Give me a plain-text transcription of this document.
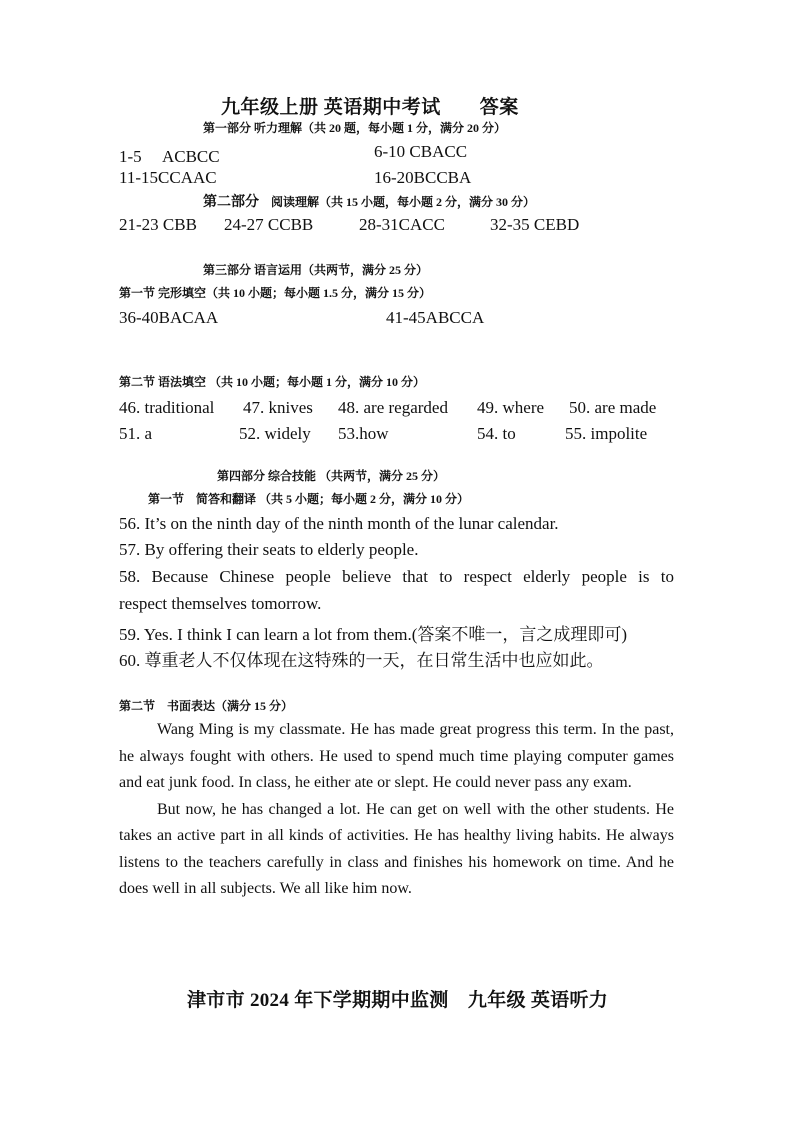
九年级上册 英语期中考试　　答案
第一部分 听力理解（共 20 题，每小题 1 分，满分 20 分）
1-5　 ACBCC	6-10 CBACC
11-15CCAAC	16-20BCCBA
第二部分 阅读理解（共 15 小题，每小题 2 分，满分 30 分）
21-23 CBB 24-27 CCBB	28-31CACC	32-35 CEBD
第三部分 语言运用（共两节，满分 25 分）
第一节 完形填空（共 10 小题；每小题 1.5 分，满分 15 分）
36-40BACAA	41-45ABCCA
第二节 语法填空 （共 10 小题；每小题 1 分，满分 10 分）
46. traditional 47. knives 48. are regarded 49. where 50. are made
51. a	52. widely 53.how	54. to	55. impolite
第四部分 综合技能 （共两节，满分 25 分）
第一节　简答和翻译 （共 5 小题；每小题 2 分，满分 10 分）
56. It’s on the ninth day of the ninth month of the lunar calendar.
57. By offering their seats to elderly people.
58. Because Chinese people believe that to respect elderly people is to
respect themselves tomorrow.
59. Yes. I think I can learn a lot from them.(答案不唯一，言之成理即可)
60. 尊重老人不仅体现在这特殊的一天，在日常生活中也应如此。
第二节　书面表达（满分 15 分）

Wang Ming is my classmate. He has made great progress this term. In the past, he always fought with others. He used to spend much time playing computer games and eat junk food. In class, he either ate or slept. He could never pass any exam.

But now, he has changed a lot. He can get on well with the other students. He takes an active part in all kinds of activities. He has healthy living habits. He always listens to the teachers carefully in class and finishes his homework on time. And he does well in all subjects. We all like him now.

津市市 2024 年下学期期中监测　九年级 英语听力
